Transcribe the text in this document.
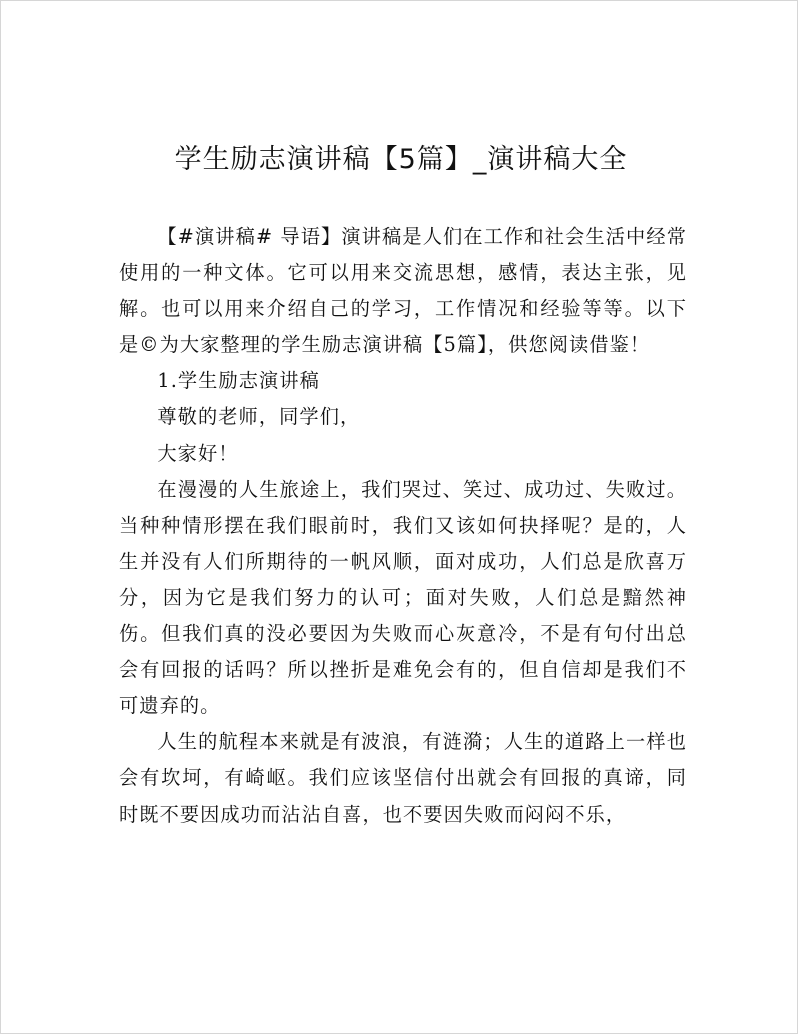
学生励志演讲稿【5篇】_演讲稿大全

【#演讲稿# 导语】演讲稿是人们在工作和社会生活中经常使用的一种文体。它可以用来交流思想，感情，表达主张，见解。也可以用来介绍自己的学习，工作情况和经验等等。以下是©为大家整理的学生励志演讲稿【5篇】，供您阅读借鉴！

1.学生励志演讲稿

尊敬的老师，同学们，

大家好！

在漫漫的人生旅途上，我们哭过、笑过、成功过、失败过。当种种情形摆在我们眼前时，我们又该如何抉择呢？是的，人生并没有人们所期待的一帆风顺，面对成功，人们总是欣喜万分，因为它是我们努力的认可；面对失败，人们总是黯然神伤。但我们真的没必要因为失败而心灰意冷，不是有句付出总会有回报的话吗？所以挫折是难免会有的，但自信却是我们不可遗弃的。

人生的航程本来就是有波浪，有涟漪；人生的道路上一样也会有坎坷，有崎岖。我们应该坚信付出就会有回报的真谛，同时既不要因成功而沾沾自喜，也不要因失败而闷闷不乐，
